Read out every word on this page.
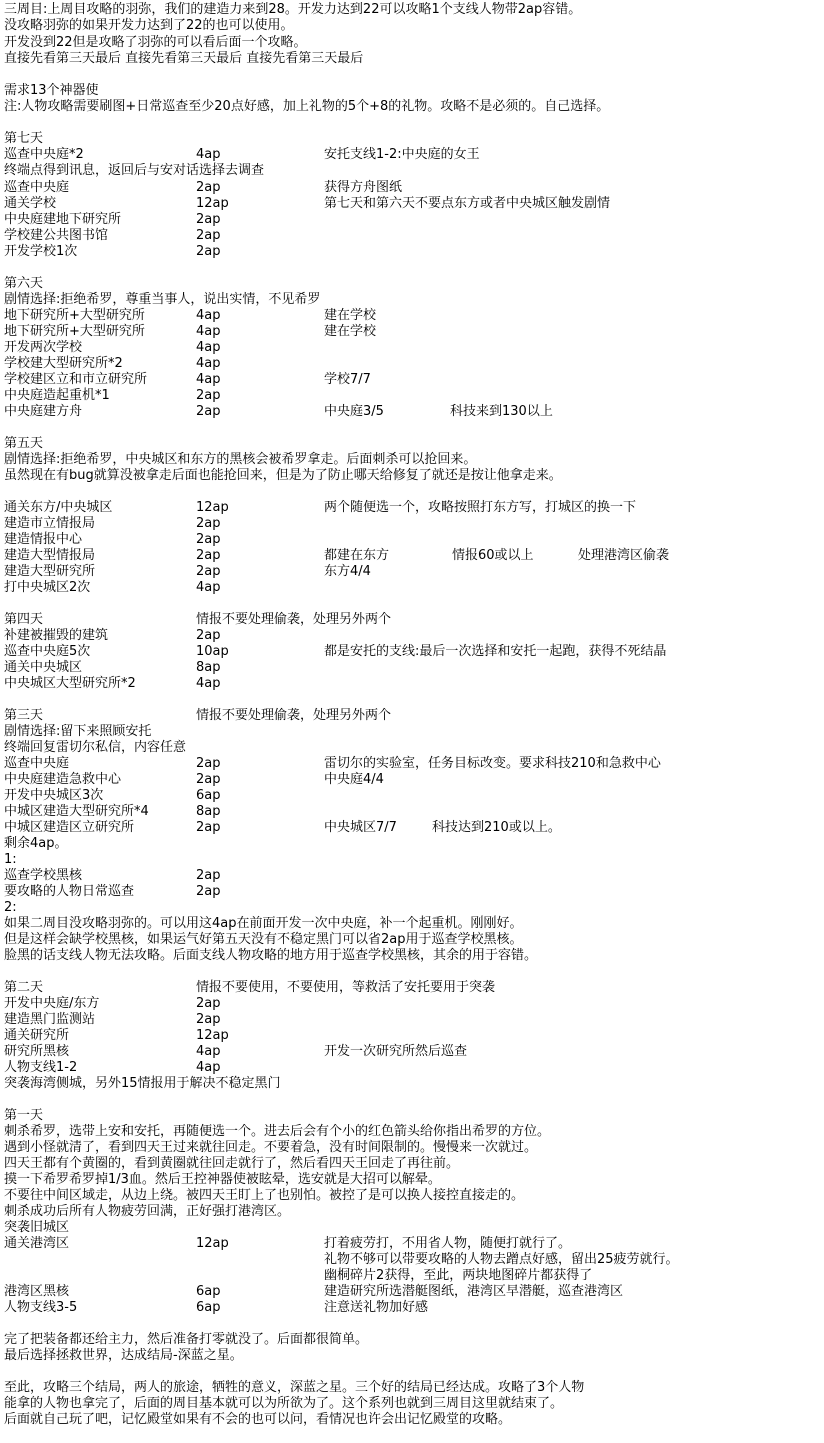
三周目:上周目攻略的羽弥，我们的建造力来到28。开发力达到22可以攻略1个支线人物带2ap容错。
没攻略羽弥的如果开发力达到了22的也可以使用。
开发没到22但是攻略了羽弥的可以看后面一个攻略。
直接先看第三天最后 直接先看第三天最后 直接先看第三天最后
需求13个神器使
注:人物攻略需要刷图+日常巡查至少20点好感，加上礼物的5个+8的礼物。攻略不是必须的。自己选择。
第七天
巡查中央庭*2	4ap	安托支线1-2:中央庭的女王
终端点得到讯息，返回后与安对话选择去调查
巡查中央庭	2ap	获得方舟图纸
通关学校	12ap	第七天和第六天不要点东方或者中央城区触发剧情
中央庭建地下研究所	2ap
学校建公共图书馆	2ap
开发学校1次	2ap
第六天
剧情选择:拒绝希罗，尊重当事人，说出实情，不见希罗
地下研究所+大型研究所	4ap	建在学校
地下研究所+大型研究所	4ap	建在学校
开发两次学校	4ap
学校建大型研究所*2	4ap
学校建区立和市立研究所	4ap	学校7/7
中央庭造起重机*1	2ap
中央庭建方舟	2ap	中央庭3/5	科技来到130以上
第五天
剧情选择:拒绝希罗，中央城区和东方的黑核会被希罗拿走。后面刺杀可以抢回来。
虽然现在有bug就算没被拿走后面也能抢回来，但是为了防止哪天给修复了就还是按让他拿走来。
通关东方/中央城区	12ap	两个随便选一个，攻略按照打东方写，打城区的换一下
建造市立情报局	2ap
建造情报中心	2ap
建造大型情报局	2ap	都建在东方	情报60或以上	处理港湾区偷袭
建造大型研究所	2ap	东方4/4
打中央城区2次	4ap
第四天	情报不要处理偷袭，处理另外两个
补建被摧毁的建筑	2ap
巡查中央庭5次	10ap	都是安托的支线:最后一次选择和安托一起跑，获得不死结晶
通关中央城区	8ap
中央城区大型研究所*2	4ap
第三天	情报不要处理偷袭，处理另外两个
剧情选择:留下来照顾安托
终端回复雷切尔私信，内容任意
巡查中央庭	2ap	雷切尔的实验室，任务目标改变。要求科技210和急救中心
中央庭建造急救中心	2ap	中央庭4/4
开发中央城区3次	6ap
中城区建造大型研究所*4	8ap
中城区建造区立研究所	2ap	中央城区7/7	科技达到210或以上。
剩余4ap。
1:
巡查学校黑核	2ap
要攻略的人物日常巡查	2ap
2:
如果二周目没攻略羽弥的。可以用这4ap在前面开发一次中央庭，补一个起重机。刚刚好。
但是这样会缺学校黑核，如果运气好第五天没有不稳定黑门可以省2ap用于巡查学校黑核。
脸黑的话支线人物无法攻略。后面支线人物攻略的地方用于巡查学校黑核，其余的用于容错。
第二天	情报不要使用，不要使用，等救活了安托要用于突袭
开发中央庭/东方	2ap
建造黑门监测站	2ap
通关研究所	12ap
研究所黑核	4ap	开发一次研究所然后巡查
人物支线1-2	4ap
突袭海湾侧城，另外15情报用于解决不稳定黑门
第一天
刺杀希罗，选带上安和安托，再随便选一个。进去后会有个小的红色箭头给你指出希罗的方位。
遇到小怪就清了，看到四天王过来就往回走。不要着急，没有时间限制的。慢慢来一次就过。
四天王都有个黄圈的，看到黄圈就往回走就行了，然后看四天王回走了再往前。
摸一下希罗希罗掉1/3血。然后王控神器使被眩晕，选安就是大招可以解晕。
不要往中间区域走，从边上绕。被四天王盯上了也别怕。被控了是可以换人接控直接走的。
刺杀成功后所有人物疲劳回满，正好强打港湾区。
突袭旧城区
通关港湾区	12ap	打着疲劳打，不用省人物，随便打就行了。
礼物不够可以带要攻略的人物去蹭点好感，留出25疲劳就行。
幽桐碎片2获得，至此，两块地图碎片都获得了
港湾区黑核	6ap	建造研究所选潜艇图纸，港湾区早潜艇，巡查港湾区
人物支线3-5	6ap	注意送礼物加好感
完了把装备都还给主力，然后准备打零就没了。后面都很简单。
最后选择拯救世界，达成结局-深蓝之星。
至此，攻略三个结局，两人的旅途，牺牲的意义，深蓝之星。三个好的结局已经达成。攻略了3个人物
能拿的人物也拿完了，后面的周目基本就可以为所欲为了。这个系列也就到三周目这里就结束了。
后面就自己玩了吧，记忆殿堂如果有不会的也可以问，看情况也许会出记忆殿堂的攻略。
